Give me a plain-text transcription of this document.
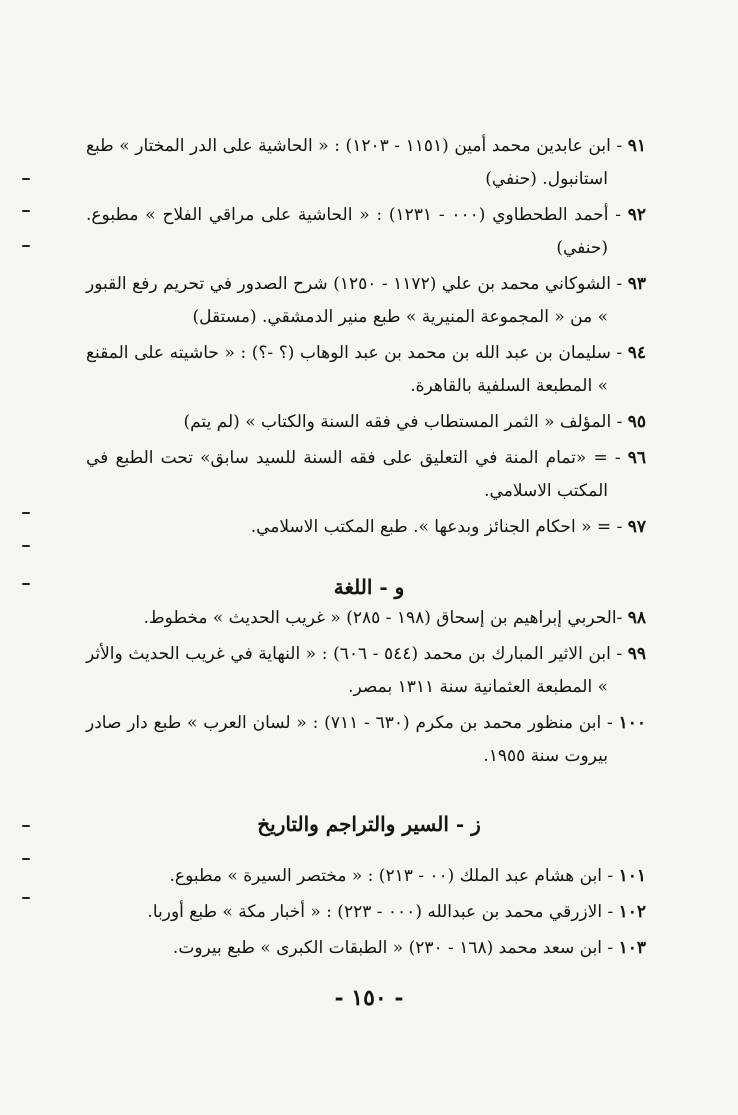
٩١ - ابن عابدين محمد أمين (١١٥١ - ١٢٠٣) : « الحاشية على الدر المختار » طبع استانبول. (حنفي)

٩٢ - أحمد الطحطاوي (٠٠٠ - ١٢٣١) : « الحاشية على مراقي الفلاح » مطبوع. (حنفي)

٩٣ - الشوكاني محمد بن علي (١١٧٢ - ١٢٥٠) شرح الصدور في تحريم رفع القبور » من « المجموعة المنيرية » طبع منير الدمشقي. (مستقل)

٩٤ - سليمان بن عبد الله بن محمد بن عبد الوهاب (؟ -؟) : « حاشيته على المقنع » المطبعة السلفية بالقاهرة.

٩٥ - المؤلف « الثمر المستطاب في فقه السنة والكتاب » (لم يتم)

٩٦ - = «تمام المنة في التعليق على فقه السنة للسيد سابق» تحت الطبع في المكتب الاسلامي.

٩٧ - = « احكام الجنائز وبدعها ». طبع المكتب الاسلامي.

و - اللغة

٩٨ -الحربي إبراهيم بن إسحاق (١٩٨ - ٢٨٥) « غريب الحديث » مخطوط.

٩٩ - ابن الاثير المبارك بن محمد (٥٤٤ - ٦٠٦) : « النهاية في غريب الحديث والأثر » المطبعة العثمانية سنة ١٣١١ بمصر.

١٠٠ - ابن منظور محمد بن مكرم (٦٣٠ - ٧١١) : « لسان العرب » طبع دار صادر بيروت سنة ١٩٥٥.

ز - السير والتراجم والتاريخ

١٠١ - ابن هشام عبد الملك (٠٠ - ٢١٣) : « مختصر السيرة » مطبوع.

١٠٢ - الازرقي محمد بن عبدالله (٠٠٠ - ٢٢٣) : « أخبار مكة » طبع أوربا.

١٠٣ - ابن سعد محمد (١٦٨ - ٢٣٠) « الطبقات الكبرى » طبع بيروت.

- ١٥٠ -
